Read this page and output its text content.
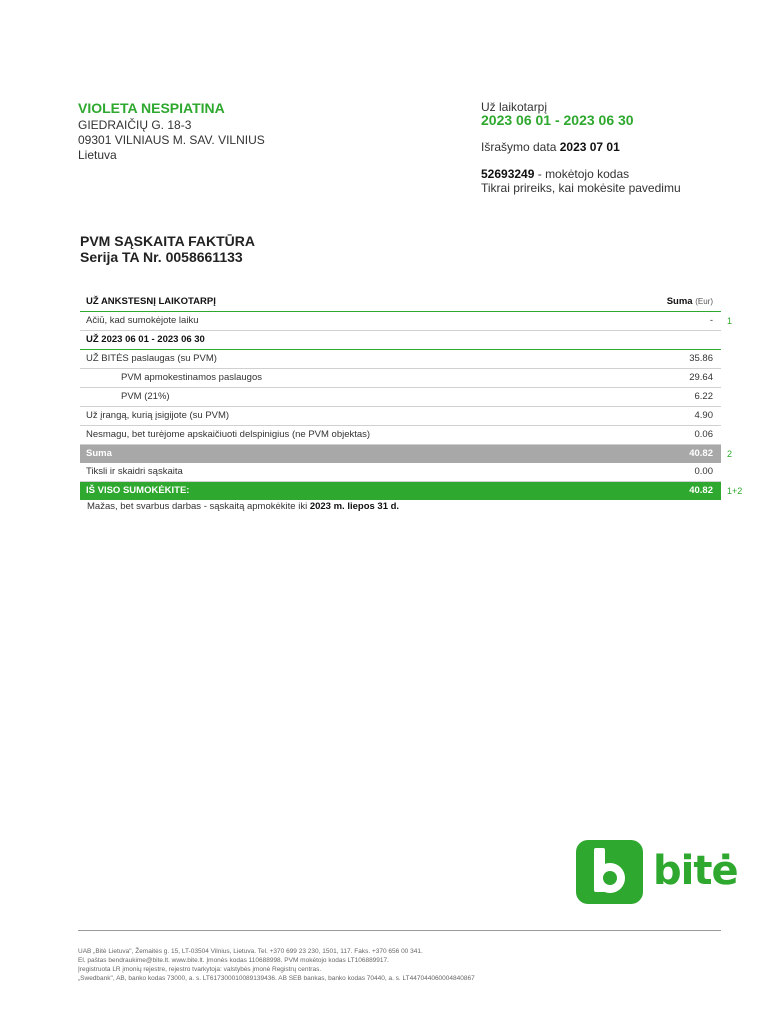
VIOLETA NESPIATINA
GIEDRAIČIŲ G. 18-3
09301 VILNIAUS M. SAV. VILNIUS
Lietuva
Už laikotarpį
2023 06 01 - 2023 06 30
Išrašymo data 2023 07 01
52693249 - mokėtojo kodas
Tikrai prireiks, kai mokėsite pavedimu
PVM SĄSKAITA FAKTŪRA
Serija TA Nr. 0058661133
UŽ ANKSTESNĮ LAIKOTARPĮ	Suma (Eur)
Ačiū, kad sumokėjote laiku	- 1
UŽ 2023 06 01 - 2023 06 30
UŽ BITĖS paslaugas (su PVM)	35.86
PVM apmokestinamos paslaugos	29.64
PVM (21%)	6.22
Už įrangą, kurią įsigijote (su PVM)	4.90
Nesmagu, bet turėjome apskaičiuoti delspinigius (ne PVM objektas)	0.06
Suma	40.82 2
Tiksli ir skaidri sąskaita	0.00
IŠ VISO SUMOKĖKITE:	40.82 1+2
Mažas, bet svarbus darbas - sąskaitą apmokėkite iki 2023 m. liepos 31 d.
bitė
UAB „Bitė Lietuva", Žemaitės g. 15, LT-03504 Vilnius, Lietuva. Tel. +370 699 23 230, 1501, 117. Faks. +370 656 00 341.
El. paštas bendraukime@bite.lt. www.bite.lt. Įmonės kodas 110688998. PVM mokėtojo kodas LT106889917.
Įregistruota LR įmonių rejestre, rejestro tvarkytoja: valstybės įmonė Registrų centras.
„Swedbank", AB, banko kodas 73000, a. s. LT617300010089139436. AB SEB bankas, banko kodas 70440, a. s. LT447044060004840867
